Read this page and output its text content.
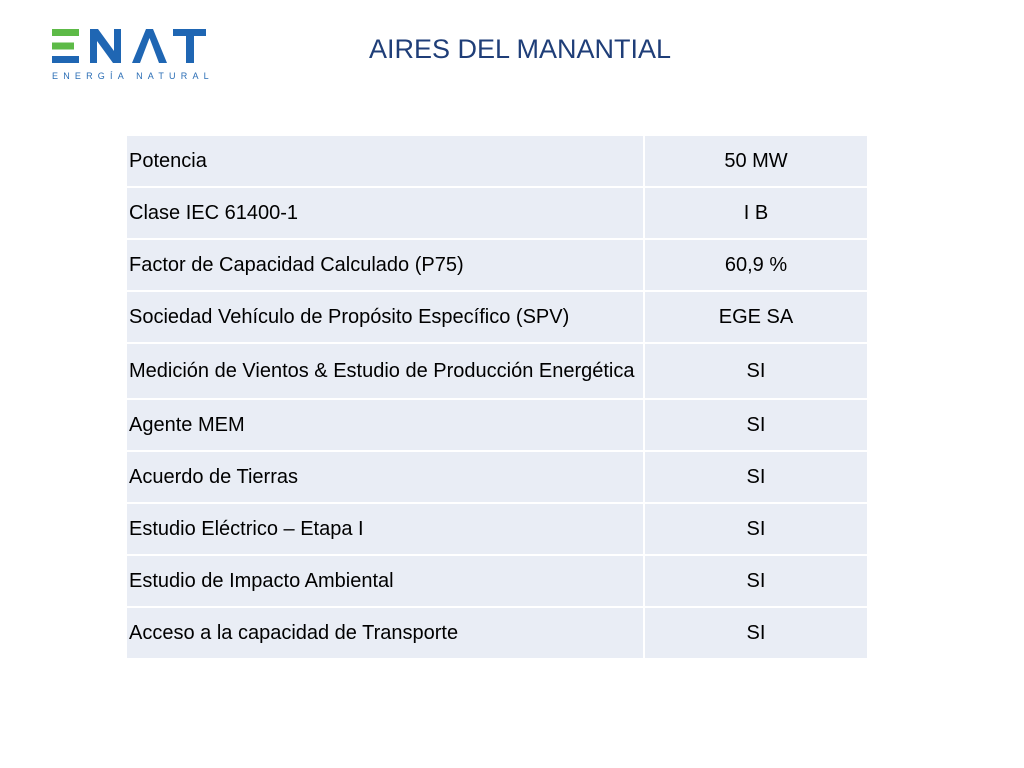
ENERGÍA NATURAL
AIRES DEL MANANTIAL
Potencia	50 MW
Clase IEC 61400-1	I B
Factor de Capacidad Calculado (P75)	60,9 %
Sociedad Vehículo de Propósito Específico (SPV)	EGE SA
Medición de Vientos & Estudio de Producción Energética	SI
Agente MEM	SI
Acuerdo de Tierras	SI
Estudio Eléctrico – Etapa I	SI
Estudio de Impacto Ambiental	SI
Acceso a la capacidad de Transporte	SI
